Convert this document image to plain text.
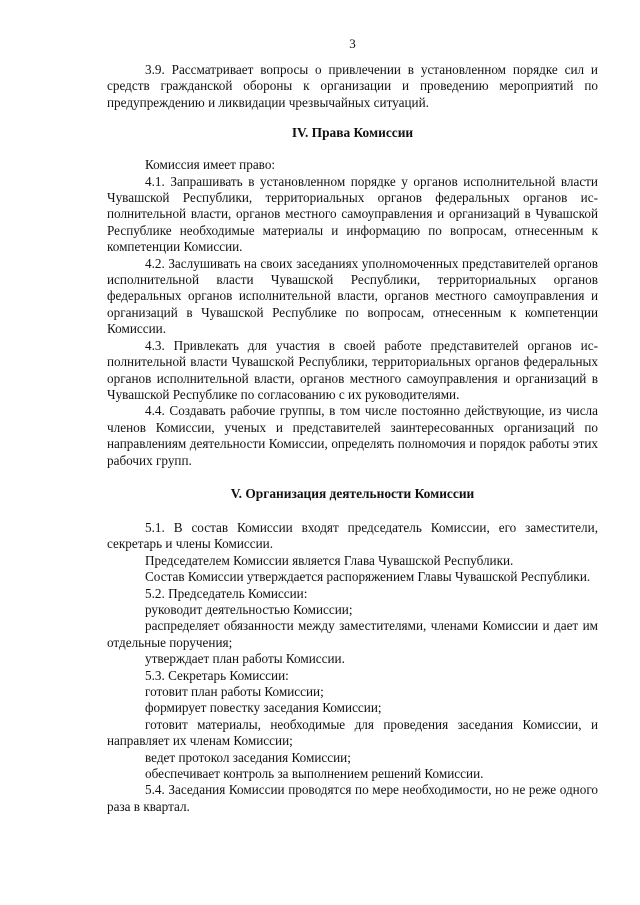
3

3.9. Рассматривает вопросы о привлечении в установленном порядке сил и средств гражданской обороны к организации и проведению мероприятий по предупреждению и ликвидации чрезвычайных ситуаций.

IV. Права Комиссии

Комиссия имеет право:

4.1. Запрашивать в установленном порядке у органов исполнительной власти Чувашской Республики, территориальных органов федеральных органов исполнительной власти, органов местного самоуправления и организаций в Чувашской Республике необходимые материалы и информацию по вопросам, отнесенным к компетенции Комиссии.

4.2. Заслушивать на своих заседаниях уполномоченных представителей органов исполнительной власти Чувашской Республики, территориальных органов федеральных органов исполнительной власти, органов местного самоуправления и организаций в Чувашской Республике по вопросам, отнесенным к компетенции Комиссии.

4.3. Привлекать для участия в своей работе представителей органов исполнительной власти Чувашской Республики, территориальных органов федеральных органов исполнительной власти, органов местного самоуправления и организаций в Чувашской Республике по согласованию с их руководителями.

4.4. Создавать рабочие группы, в том числе постоянно действующие, из числа членов Комиссии, ученых и представителей заинтересованных организаций по направлениям деятельности Комиссии, определять полномочия и порядок работы этих рабочих групп.

V. Организация деятельности Комиссии

5.1. В состав Комиссии входят председатель Комиссии, его заместители, секретарь и члены Комиссии.

Председателем Комиссии является Глава Чувашской Республики.

Состав Комиссии утверждается распоряжением Главы Чувашской Республики.

5.2. Председатель Комиссии:

руководит деятельностью Комиссии;

распределяет обязанности между заместителями, членами Комиссии и дает им отдельные поручения;

утверждает план работы Комиссии.

5.3. Секретарь Комиссии:

готовит план работы Комиссии;

формирует повестку заседания Комиссии;

готовит материалы, необходимые для проведения заседания Комиссии, и направляет их членам Комиссии;

ведет протокол заседания Комиссии;

обеспечивает контроль за выполнением решений Комиссии.

5.4. Заседания Комиссии проводятся по мере необходимости, но не реже одного раза в квартал.
